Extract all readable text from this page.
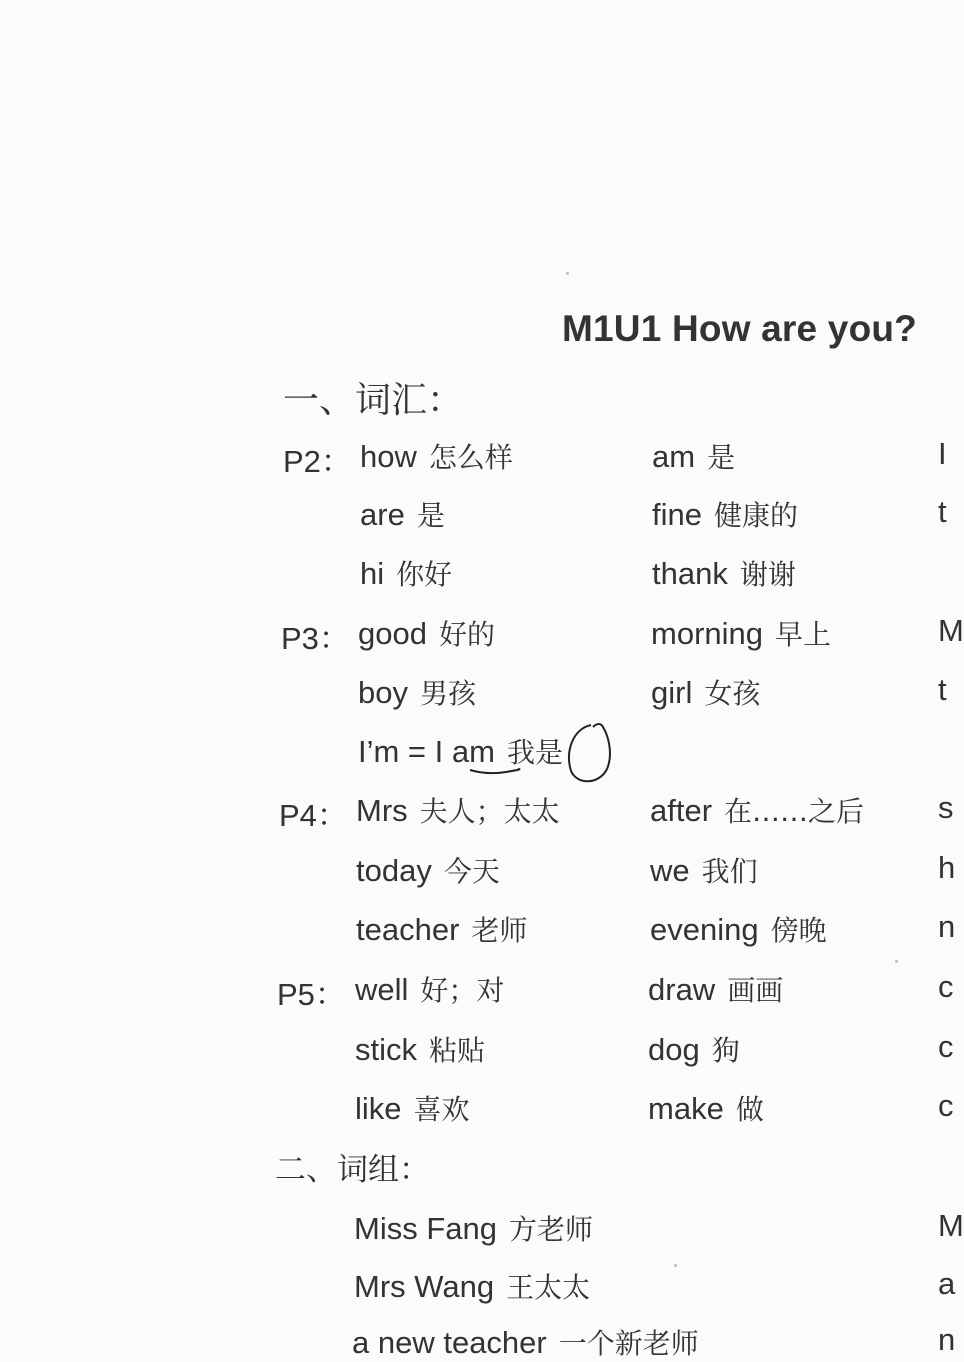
M1U1 How are you?
一、词汇：
P2： how 怎么样	am 是	I
are 是	fine 健康的	t
hi 你好	thank 谢谢
P3： good 好的	morning 早上	M
boy 男孩	girl 女孩	t
I’m = I am 我是
P4： Mrs 夫人；太太	after 在……之后 s
today 今天	we 我们	h
teacher 老师	evening 傍晚	n
P5： well 好；对	draw 画画	c
stick 粘贴	dog 狗	c
like 喜欢	make 做	c
二、词组：
Miss Fang 方老师	M
Mrs Wang 王太太	a
a new teacher 一个新老师	n
